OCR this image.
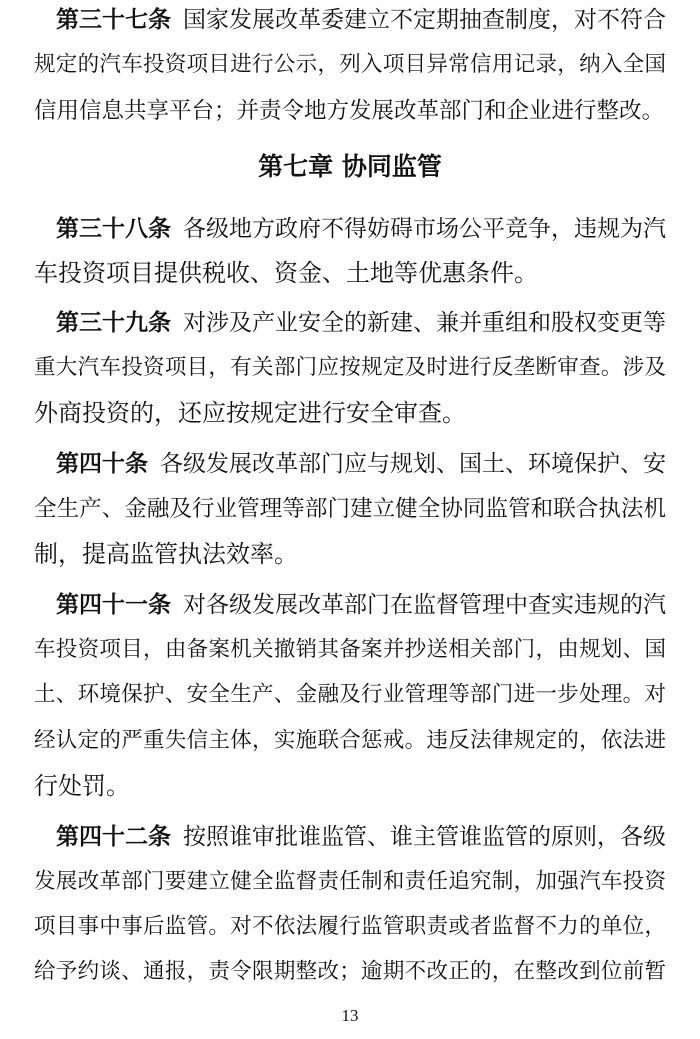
第三十七条 国家发展改革委建立不定期抽查制度，对不符合
规定的汽车投资项目进行公示，列入项目异常信用记录，纳入全国
信用信息共享平台；并责令地方发展改革部门和企业进行整改。
第七章 协同监管
第三十八条 各级地方政府不得妨碍市场公平竞争，违规为汽
车投资项目提供税收、资金、土地等优惠条件。
第三十九条 对涉及产业安全的新建、兼并重组和股权变更等
重大汽车投资项目，有关部门应按规定及时进行反垄断审查。涉及
外商投资的，还应按规定进行安全审查。
第四十条 各级发展改革部门应与规划、国土、环境保护、安
全生产、金融及行业管理等部门建立健全协同监管和联合执法机
制，提高监管执法效率。
第四十一条 对各级发展改革部门在监督管理中查实违规的汽
车投资项目，由备案机关撤销其备案并抄送相关部门，由规划、国
土、环境保护、安全生产、金融及行业管理等部门进一步处理。对
经认定的严重失信主体，实施联合惩戒。违反法律规定的，依法进
行处罚。
第四十二条 按照谁审批谁监管、谁主管谁监管的原则，各级
发展改革部门要建立健全监督责任制和责任追究制，加强汽车投资
项目事中事后监管。对不依法履行监管职责或者监督不力的单位，
给予约谈、通报，责令限期整改；逾期不改正的，在整改到位前暂
13
